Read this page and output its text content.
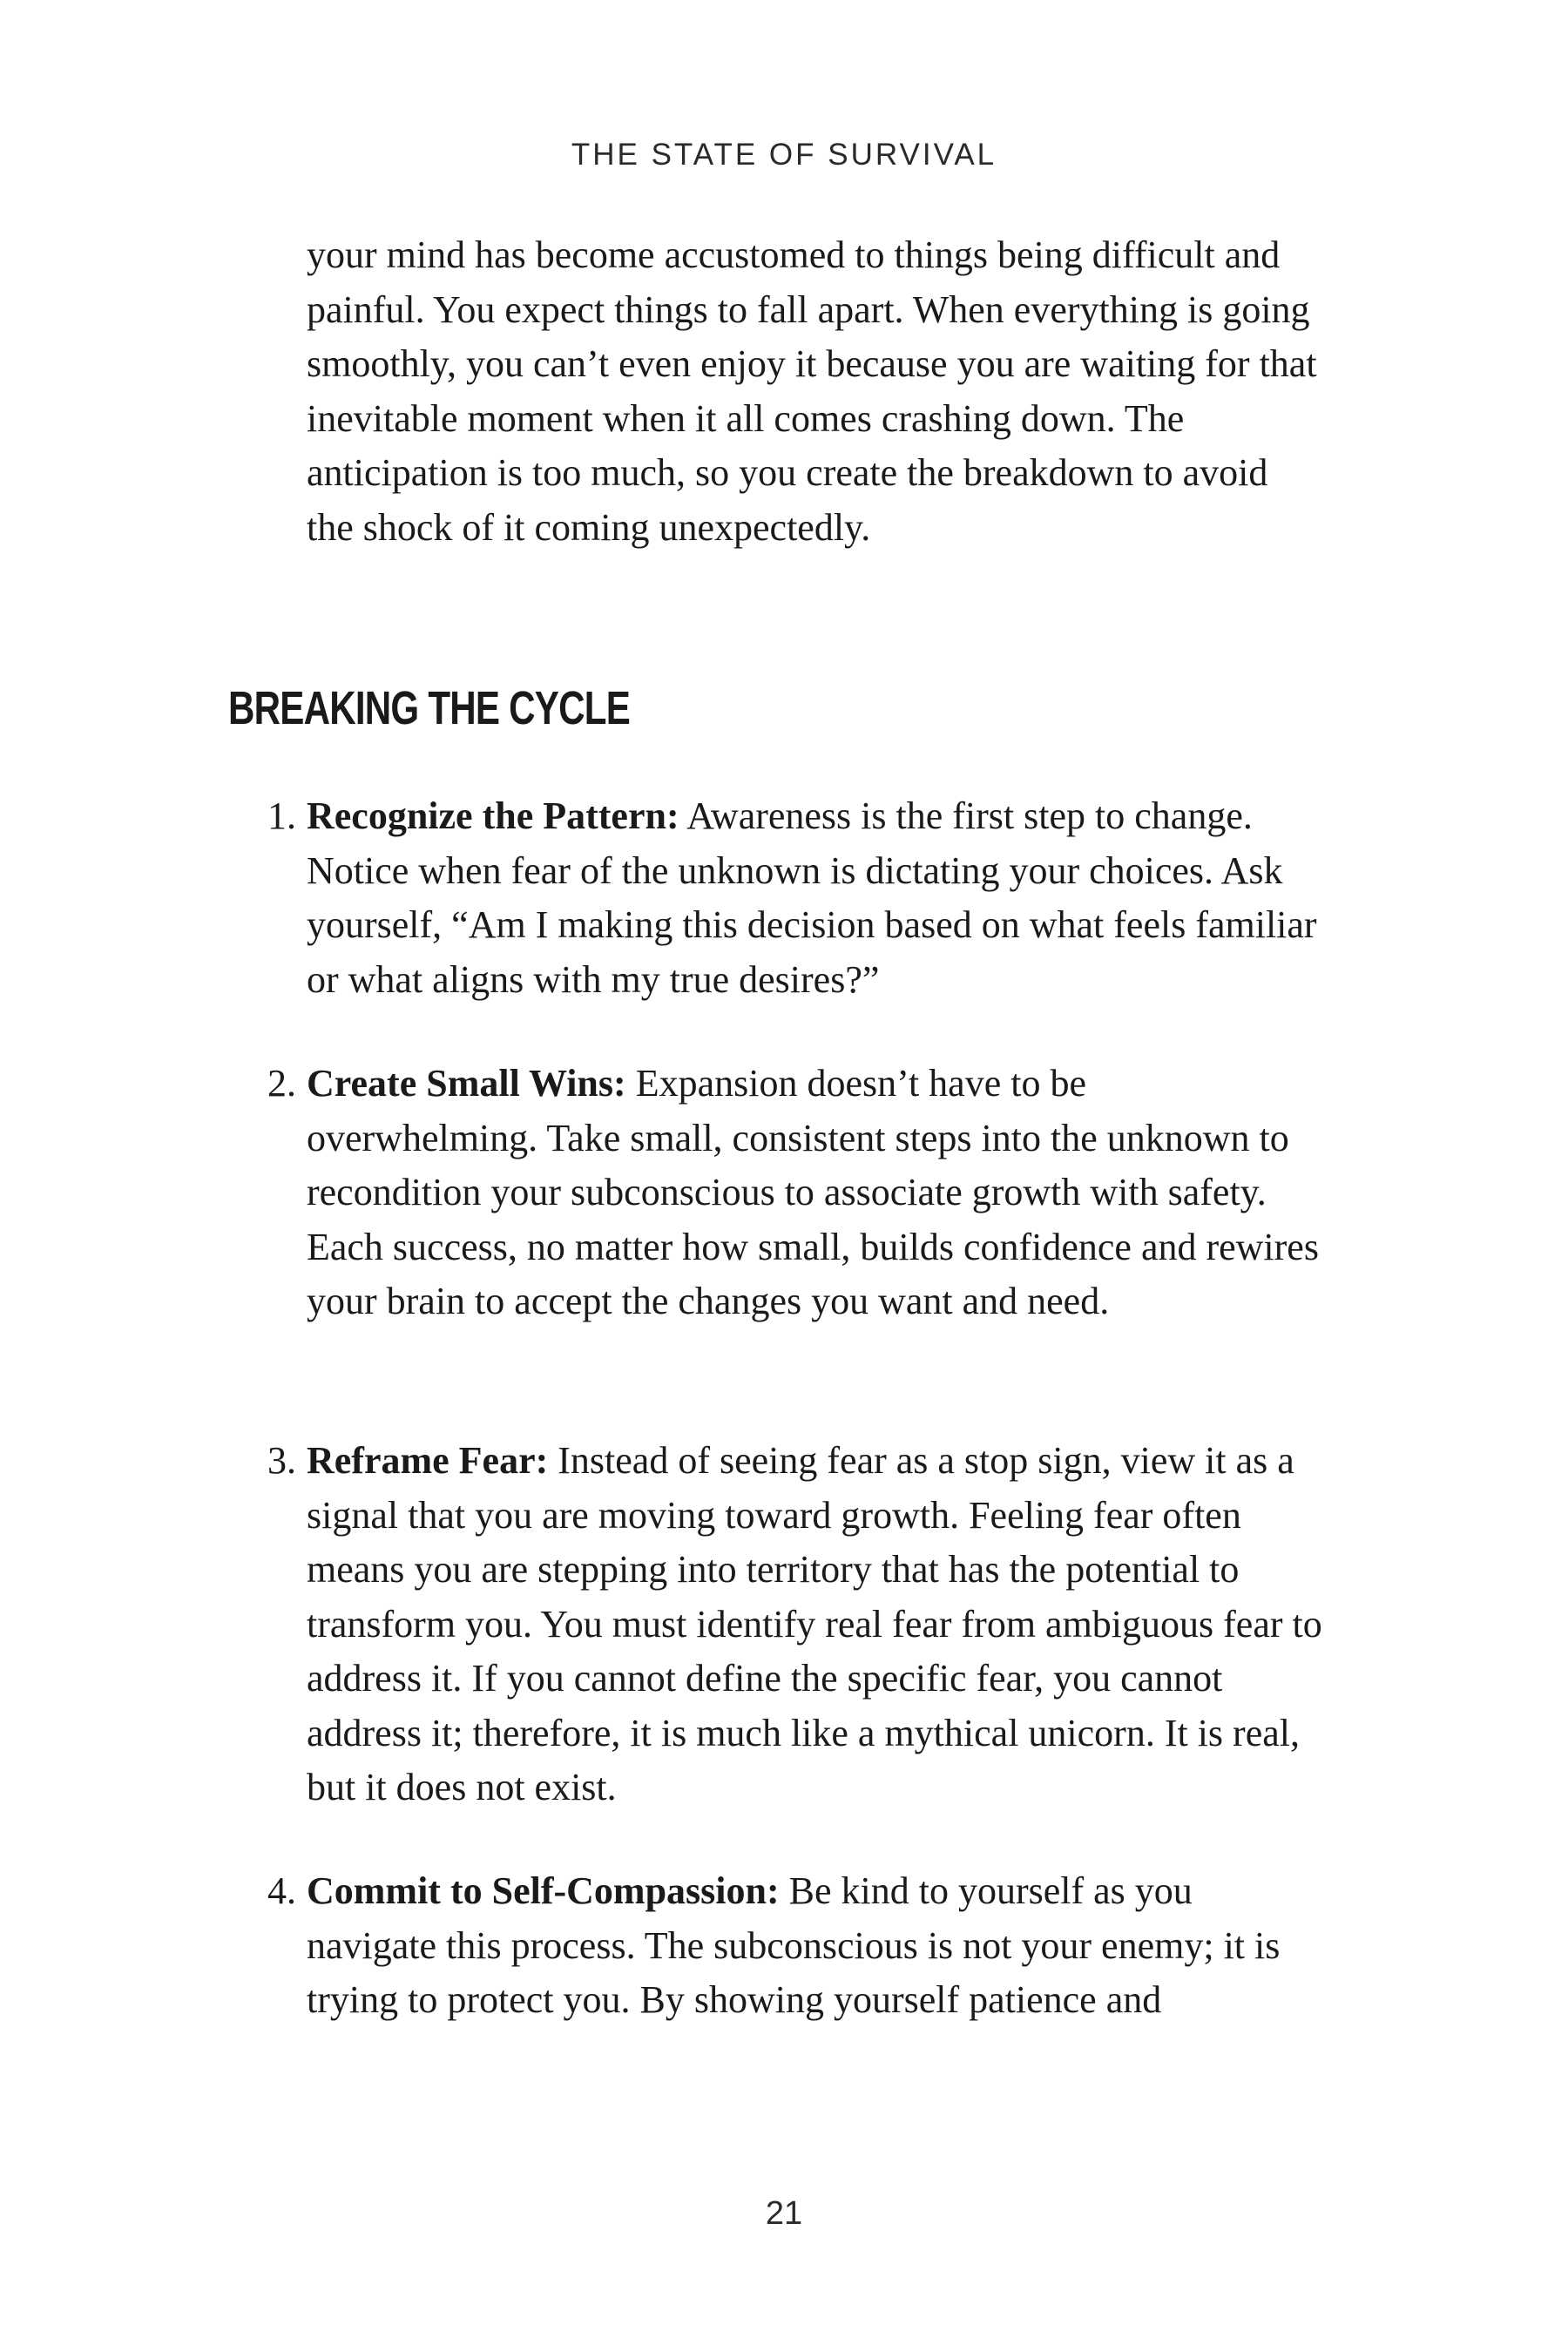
THE STATE OF SURVIVAL

your mind has become accustomed to things being difficult and painful. You expect things to fall apart. When everything is going smoothly, you can’t even enjoy it because you are waiting for that inevitable moment when it all comes crashing down. The anticipation is too much, so you create the breakdown to avoid the shock of it coming unexpectedly.

BREAKING THE CYCLE
1. Recognize the Pattern: Awareness is the first step to change. Notice when fear of the unknown is dictating your choices. Ask yourself, “Am I making this decision based on what feels familiar or what aligns with my true desires?”
2. Create Small Wins: Expansion doesn’t have to be overwhelming. Take small, consistent steps into the unknown to recondition your subconscious to associate growth with safety. Each success, no matter how small, builds confidence and rewires your brain to accept the changes you want and need.
3. Reframe Fear: Instead of seeing fear as a stop sign, view it as a signal that you are moving toward growth. Feeling fear often means you are stepping into territory that has the potential to transform you. You must identify real fear from ambiguous fear to address it. If you cannot define the specific fear, you cannot address it; therefore, it is much like a mythical unicorn. It is real, but it does not exist.
4. Commit to Self-Compassion: Be kind to yourself as you navigate this process. The subconscious is not your enemy; it is trying to protect you. By showing yourself patience and
21
